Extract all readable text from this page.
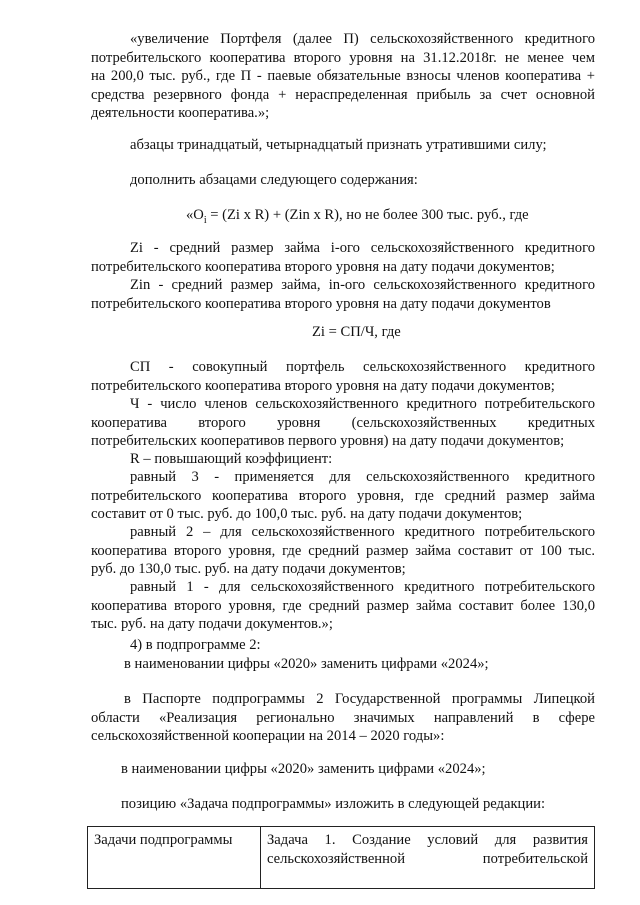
«увеличение Портфеля (далее П) сельскохозяйственного кредитного
потребительского кооператива второго уровня на 31.12.2018г. не менее чем
на 200,0 тыс. руб., где П - паевые обязательные взносы членов кооператива +
средства резервного фонда + нераспределенная прибыль за счет основной
деятельности кооператива.»;
абзацы тринадцатый, четырнадцатый признать утратившими силу;
дополнить абзацами следующего содержания:
«$O_i = (Zi$ x R) + (Zin x R), но не более 300 тыс. руб., где
Zi - средний размер займа i-ого сельскохозяйственного кредитного
потребительского кооператива второго уровня на дату подачи документов;
Zin - средний размер займа, in-ого сельскохозяйственного кредитного
потребительского кооператива второго уровня на дату подачи документов
Zi = СП/Ч, где
СП - совокупный портфель сельскохозяйственного кредитного
потребительского кооператива второго уровня на дату подачи документов;
Ч - число членов сельскохозяйственного кредитного потребительского
кооператива второго уровня (сельскохозяйственных кредитных
потребительских кооперативов первого уровня) на дату подачи документов;
R – повышающий коэффициент:
равный 3 - применяется для сельскохозяйственного кредитного
потребительского кооператива второго уровня, где средний размер займа
составит от 0 тыс. руб. до 100,0 тыс. руб. на дату подачи документов;
равный 2 – для сельскохозяйственного кредитного потребительского
кооператива второго уровня, где средний размер займа составит от 100 тыс.
руб. до 130,0 тыс. руб. на дату подачи документов;
равный 1 - для сельскохозяйственного кредитного потребительского
кооператива второго уровня, где средний размер займа составит более 130,0
тыс. руб. на дату подачи документов.»;
4) в подпрограмме 2:
в наименовании цифры «2020» заменить цифрами «2024»;
в Паспорте подпрограммы 2 Государственной программы Липецкой
области «Реализация регионально значимых направлений в сфере
сельскохозяйственной кооперации на 2014 – 2020 годы»:
в наименовании цифры «2020» заменить цифрами «2024»;
позицию «Задача подпрограммы» изложить в следующей редакции:
Задачи подпрограммы	Задача 1. Создание условий для развития
сельскохозяйственной потребительской
